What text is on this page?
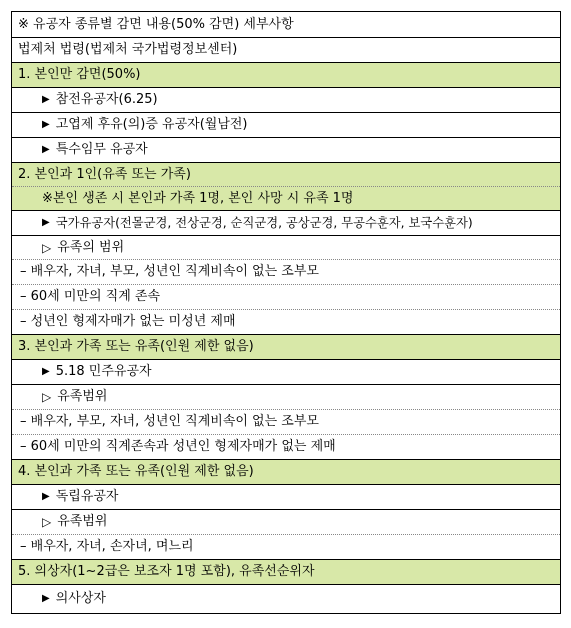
※ 유공자 종류별 감면 내용(50% 감면) 세부사항
법제처 법령(법제처 국가법령정보센터)
1. 본인만 감면(50%)
▶ 참전유공자(6.25)
▶ 고엽제 후유(의)증 유공자(월남전)
▶ 특수임무 유공자
2. 본인과 1인(유족 또는 가족)
※본인 생존 시 본인과 가족 1명, 본인 사망 시 유족 1명
▶ 국가유공자(전몰군경, 전상군경, 순직군경, 공상군경, 무공수훈자, 보국수훈자)
▷ 유족의 범위
– 배우자, 자녀, 부모, 성년인 직계비속이 없는 조부모
– 60세 미만의 직계 존속
– 성년인 형제자매가 없는 미성년 제매
3. 본인과 가족 또는 유족(인원 제한 없음)
▶ 5.18 민주유공자
▷ 유족범위
– 배우자, 부모, 자녀, 성년인 직계비속이 없는 조부모
– 60세 미만의 직계존속과 성년인 형제자매가 없는 제매
4. 본인과 가족 또는 유족(인원 제한 없음)
▶ 독립유공자
▷ 유족범위
– 배우자, 자녀, 손자녀, 며느리
5. 의상자(1~2급은 보조자 1명 포함), 유족선순위자
▶ 의사상자
